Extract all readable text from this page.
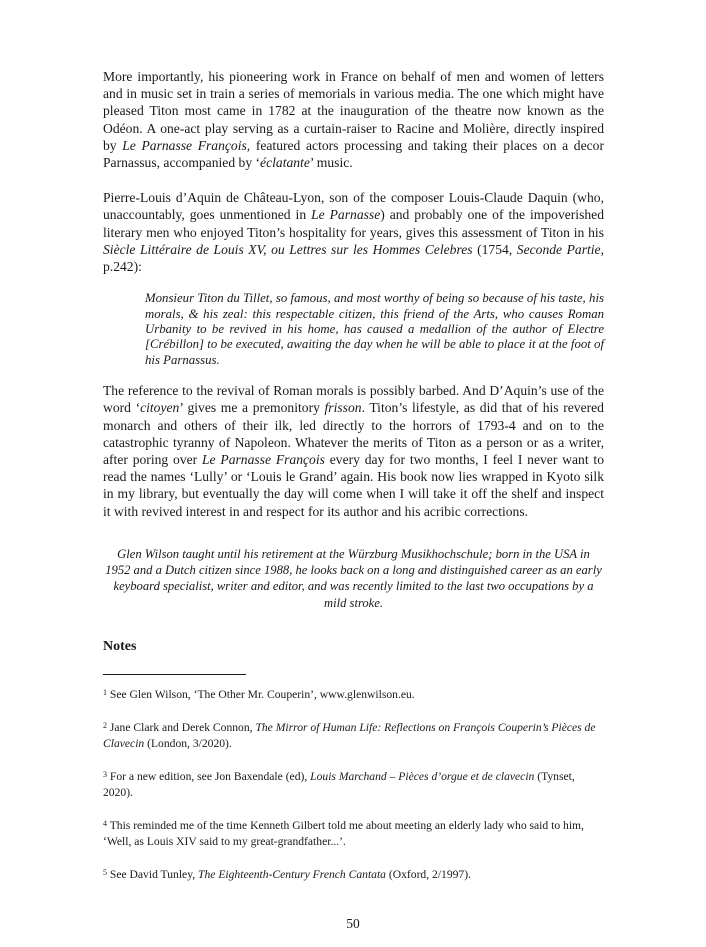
More importantly, his pioneering work in France on behalf of men and women of letters and in music set in train a series of memorials in various media. The one which might have pleased Titon most came in 1782 at the inauguration of the theatre now known as the Odéon. A one-act play serving as a curtain-raiser to Racine and Molière, directly inspired by Le Parnasse François, featured actors processing and taking their places on a decor Parnassus, accompanied by ‘éclatante’ music.

Pierre-Louis d’Aquin de Château-Lyon, son of the composer Louis-Claude Daquin (who, unaccountably, goes unmentioned in Le Parnasse) and probably one of the impoverished literary men who enjoyed Titon’s hospitality for years, gives this assessment of Titon in his Siècle Littéraire de Louis XV, ou Lettres sur les Hommes Celebres (1754, Seconde Partie, p.242):

Monsieur Titon du Tillet, so famous, and most worthy of being so because of his taste, his morals, & his zeal: this respectable citizen, this friend of the Arts, who causes Roman Urbanity to be revived in his home, has caused a medallion of the author of Electre [Crébillon] to be executed, awaiting the day when he will be able to place it at the foot of his Parnassus.

The reference to the revival of Roman morals is possibly barbed. And D’Aquin’s use of the word ‘citoyen’ gives me a premonitory frisson. Titon’s lifestyle, as did that of his revered monarch and others of their ilk, led directly to the horrors of 1793-4 and on to the catastrophic tyranny of Napoleon. Whatever the merits of Titon as a person or as a writer, after poring over Le Parnasse François every day for two months, I feel I never want to read the names ‘Lully’ or ‘Louis le Grand’ again. His book now lies wrapped in Kyoto silk in my library, but eventually the day will come when I will take it off the shelf and inspect it with revived interest in and respect for its author and his acribic corrections.

Glen Wilson taught until his retirement at the Würzburg Musikhochschule; born in the USA in 1952 and a Dutch citizen since 1988, he looks back on a long and distinguished career as an early keyboard specialist, writer and editor, and was recently limited to the last two occupations by a mild stroke.

Notes

$^1$ See Glen Wilson, ‘The Other Mr. Couperin’, www.glenwilson.eu.

$^2$ Jane Clark and Derek Connon, The Mirror of Human Life: Reflections on François Couperin’s Pièces de Clavecin (London, 3/2020).

$^3$ For a new edition, see Jon Baxendale (ed), Louis Marchand – Pièces d’orgue et de clavecin (Tynset, 2020).

$^4$ This reminded me of the time Kenneth Gilbert told me about meeting an elderly lady who said to him, ‘Well, as Louis XIV said to my great-grandfather...’.

$^5$ See David Tunley, The Eighteenth-Century French Cantata (Oxford, 2/1997).

50
